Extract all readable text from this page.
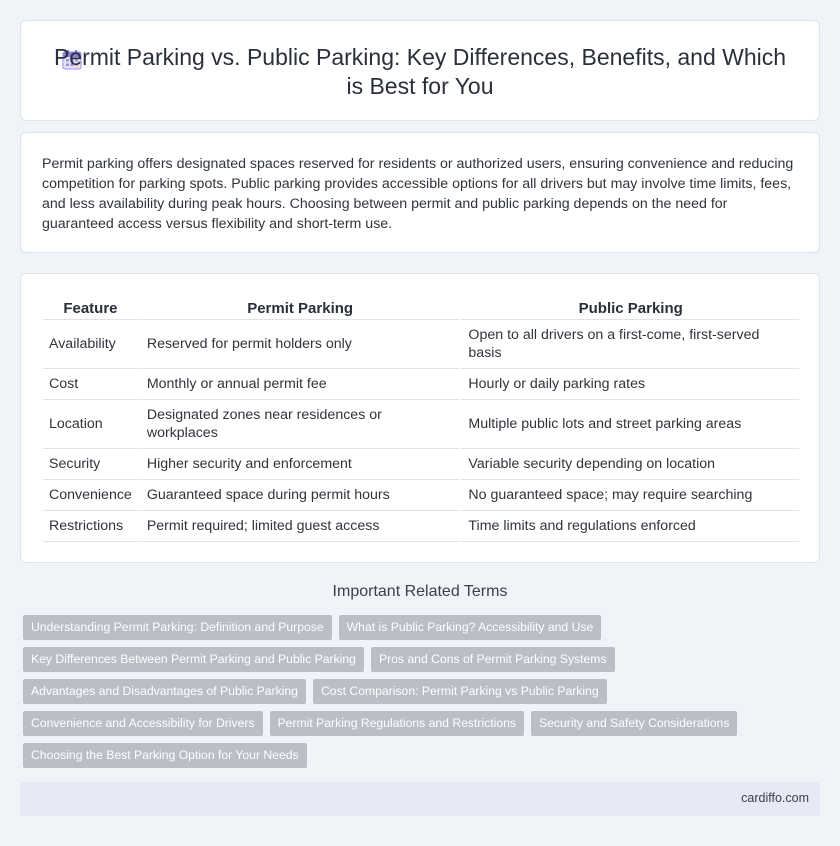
Permit Parking vs. Public Parking: Key Differences, Benefits, and Which is Best for You

Permit parking offers designated spaces reserved for residents or authorized users, ensuring convenience and reducing competition for parking spots. Public parking provides accessible options for all drivers but may involve time limits, fees, and less availability during peak hours. Choosing between permit and public parking depends on the need for guaranteed access versus flexibility and short-term use.

Feature	Permit Parking	Public Parking
Availability	Reserved for permit holders only	Open to all drivers on a first-come, first-served basis
Cost	Monthly or annual permit fee	Hourly or daily parking rates
Location	Designated zones near residences or workplaces	Multiple public lots and street parking areas
Security	Higher security and enforcement	Variable security depending on location
Convenience	Guaranteed space during permit hours	No guaranteed space; may require searching
Restrictions	Permit required; limited guest access	Time limits and regulations enforced
Important Related Terms
Understanding Permit Parking: Definition and Purpose	What is Public Parking? Accessibility and Use
Key Differences Between Permit Parking and Public Parking	Pros and Cons of Permit Parking Systems
Advantages and Disadvantages of Public Parking	Cost Comparison: Permit Parking vs Public Parking
Convenience and Accessibility for Drivers	Permit Parking Regulations and Restrictions	Security and Safety Considerations
Choosing the Best Parking Option for Your Needs
cardiffo.com
